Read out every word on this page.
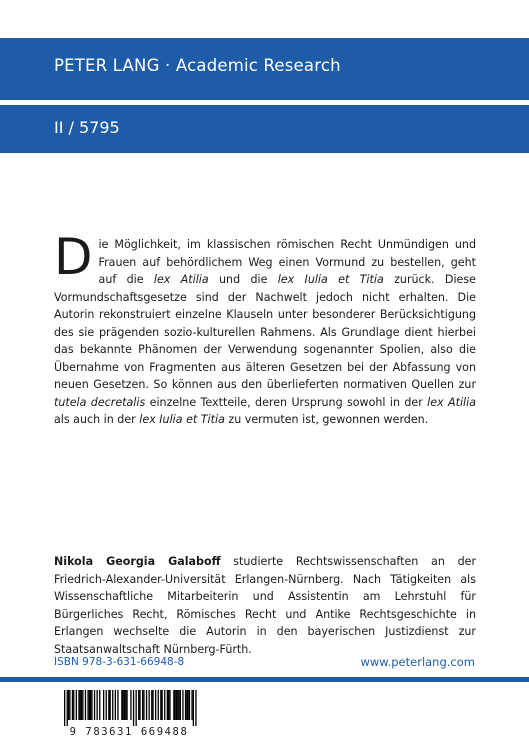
PETER LANG · Academic Research
II / 5795
Die Möglichkeit, im klassischen römischen Recht Unmündigen und Frauen auf behördlichem Weg einen Vormund zu bestellen, geht auf die lex Atilia und die lex Iulia et Titia zurück. Diese Vormundschaftsgesetze sind der Nachwelt jedoch nicht erhalten. Die Autorin rekonstruiert einzelne Klauseln unter besonderer Berücksichtigung des sie prägenden sozio-kulturellen Rahmens. Als Grundlage dient hierbei das bekannte Phänomen der Verwendung sogenannter Spolien, also die Übernahme von Fragmenten aus älteren Gesetzen bei der Abfassung von neuen Gesetzen. So können aus den überlieferten normativen Quellen zur tutela decretalis einzelne Textteile, deren Ursprung sowohl in der lex Atilia als auch in der lex Iulia et Titia zu vermuten ist, gewonnen werden.
Nikola Georgia Galaboff studierte Rechtswissenschaften an der Friedrich-Alexander-Universität Erlangen-Nürnberg. Nach Tätigkeiten als Wissenschaftliche Mitarbeiterin und Assistentin am Lehrstuhl für Bürgerliches Recht, Römisches Recht und Antike Rechtsgeschichte in Erlangen wechselte die Autorin in den bayerischen Justizdienst zur Staatsanwaltschaft Nürnberg-Fürth.
ISBN 978-3-631-66948-8	www.peterlang.com
9 783631 669488
